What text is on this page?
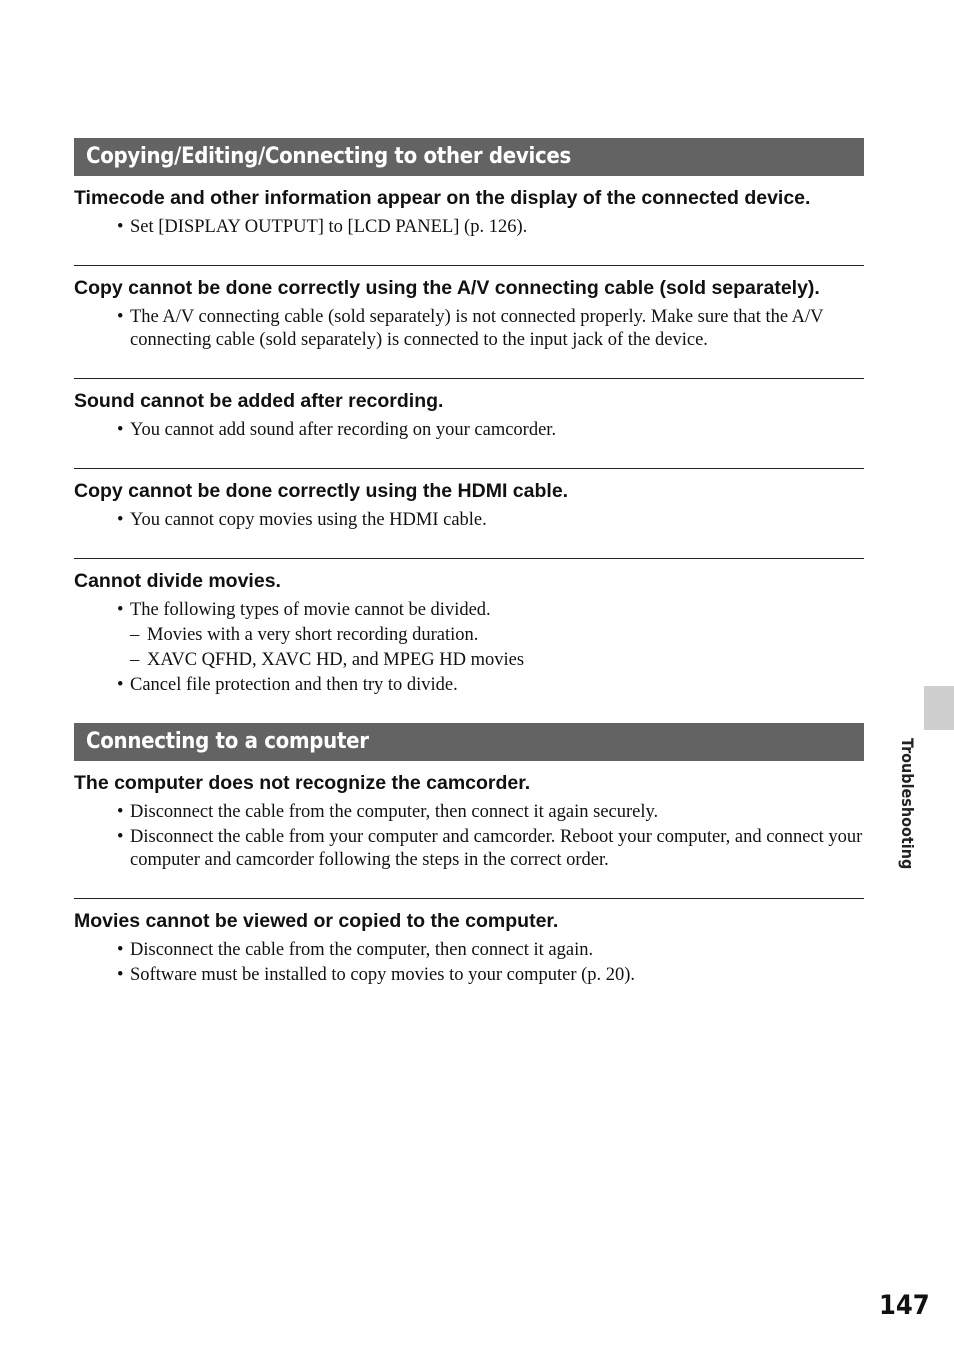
Copying/Editing/Connecting to other devices
Timecode and other information appear on the display of the connected device.
• Set [DISPLAY OUTPUT] to [LCD PANEL] (p. 126).
Copy cannot be done correctly using the A/V connecting cable (sold separately).
• The A/V connecting cable (sold separately) is not connected properly. Make sure that the A/V connecting cable (sold separately) is connected to the input jack of the device.
Sound cannot be added after recording.
• You cannot add sound after recording on your camcorder.
Copy cannot be done correctly using the HDMI cable.
• You cannot copy movies using the HDMI cable.
Cannot divide movies.
• The following types of movie cannot be divided.
– Movies with a very short recording duration.
– XAVC QFHD, XAVC HD, and MPEG HD movies
• Cancel file protection and then try to divide.
Connecting to a computer
The computer does not recognize the camcorder.
• Disconnect the cable from the computer, then connect it again securely.
• Disconnect the cable from your computer and camcorder. Reboot your computer, and connect your computer and camcorder following the steps in the correct order.
Movies cannot be viewed or copied to the computer.
• Disconnect the cable from the computer, then connect it again.
• Software must be installed to copy movies to your computer (p. 20).
Troubleshooting
147
